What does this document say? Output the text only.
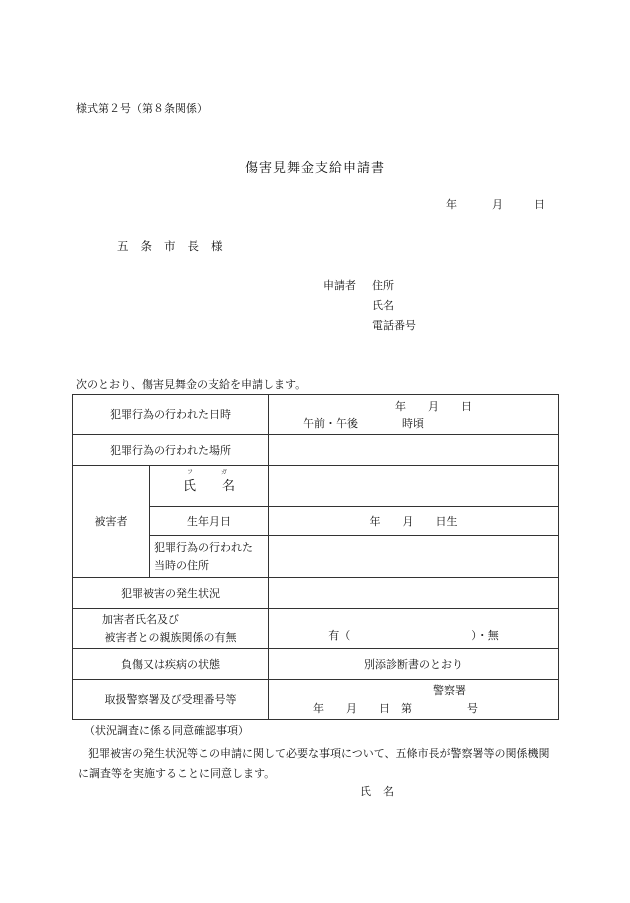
様式第２号（第８条関係）
傷害見舞金支給申請書
年	月	日
五条市長様
申請者 住所
氏名
電話番号
次のとおり、傷害見舞金の支給を申請します。
犯罪行為の行われた日時		年　　月　　日
午前・午後　　　　時頃

犯罪行為の行われた場所		
被害者	氏　　名
フ ガ	

	生年月日	年　　月　　日生

	犯罪行為の行われた
当時の住所	

犯罪被害の発生状況		

加害者氏名及び
被害者との親族関係の有無		有（　　　　　　　　　　　）・無
負傷又は疾病の状態		別添診断書のとおり
取扱警察署及び受理番号等		警察署
年　　月　　日　第　　　　　号
（状況調査に係る同意確認事項）
犯罪被害の発生状況等この申請に関して必要な事項について、五條市長が警察署等の関係機関に調査等を実施することに同意します。
氏名
